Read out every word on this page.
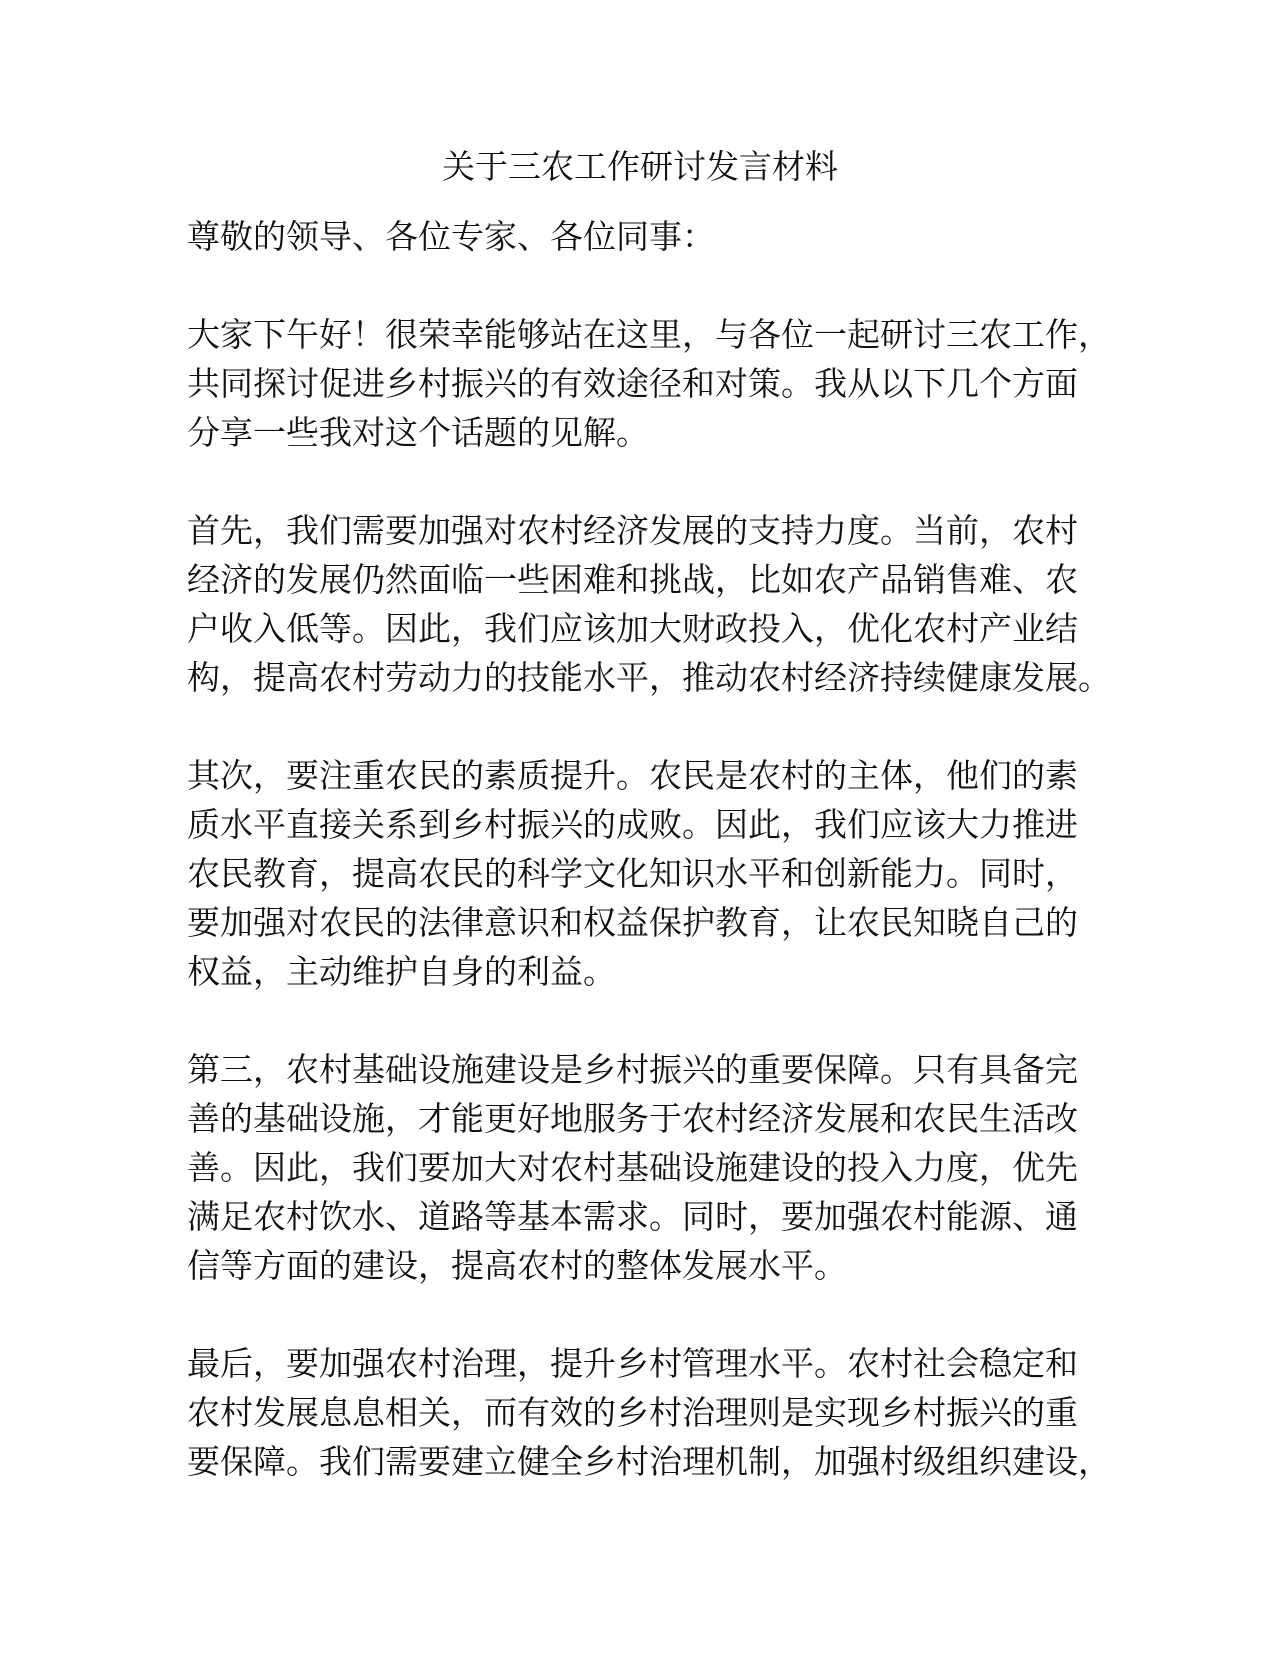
关于三农工作研讨发言材料

尊敬的领导、各位专家、各位同事：

大家下午好！很荣幸能够站在这里，与各位一起研讨三农工作，
共同探讨促进乡村振兴的有效途径和对策。我从以下几个方面
分享一些我对这个话题的见解。
首先，我们需要加强对农村经济发展的支持力度。当前，农村
经济的发展仍然面临一些困难和挑战，比如农产品销售难、农
户收入低等。因此，我们应该加大财政投入，优化农村产业结
构，提高农村劳动力的技能水平，推动农村经济持续健康发展。
其次，要注重农民的素质提升。农民是农村的主体，他们的素
质水平直接关系到乡村振兴的成败。因此，我们应该大力推进
农民教育，提高农民的科学文化知识水平和创新能力。同时，
要加强对农民的法律意识和权益保护教育，让农民知晓自己的
权益，主动维护自身的利益。
第三，农村基础设施建设是乡村振兴的重要保障。只有具备完
善的基础设施，才能更好地服务于农村经济发展和农民生活改
善。因此，我们要加大对农村基础设施建设的投入力度，优先
满足农村饮水、道路等基本需求。同时，要加强农村能源、通
信等方面的建设，提高农村的整体发展水平。
最后，要加强农村治理，提升乡村管理水平。农村社会稳定和
农村发展息息相关，而有效的乡村治理则是实现乡村振兴的重
要保障。我们需要建立健全乡村治理机制，加强村级组织建设，
